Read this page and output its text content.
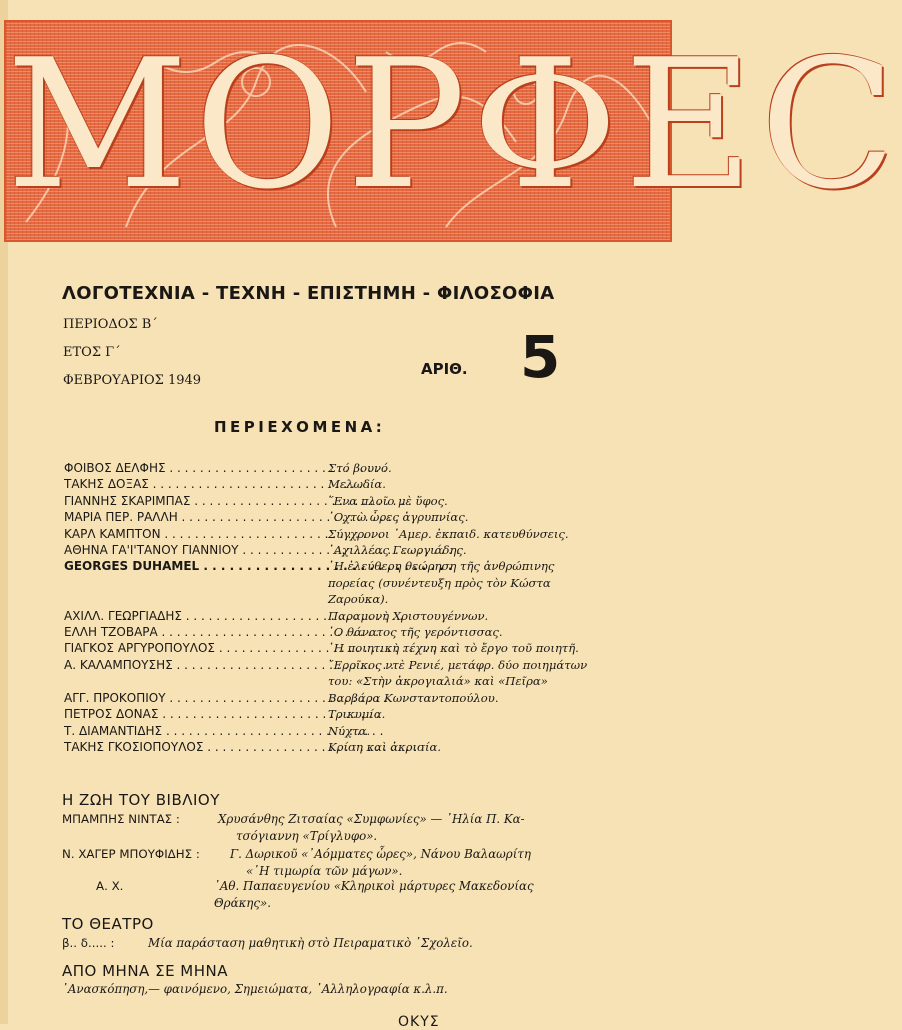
ΜΟΡΦΕC
ΛΟΓΟΤΕΧΝΙΑ - ΤΕΧΝΗ - ΕΠΙΣΤΗΜΗ - ΦΙΛΟΣΟΦΙΑ
ΠΕΡΙΟΔΟΣ Β΄
ΕΤΟΣ Γ΄
ΦΕΒΡΟΥΑΡΙΟΣ 1949
ΑΡΙΘ. 5
ΠΕΡΙΕΧΟΜΕΝΑ:
ΦΟΙΒΟΣ ΔΕΛΦΗΣ . . .	Στό βουνό.
ΤΑΚΗΣ ΔΟΞΑΣ . . .	Μελωδία.
ΓΙΑΝΝΗΣ ΣΚΑΡΙΜΠΑΣ . . .	῞Ενα πλοῖο μὲ ὕφος.
ΜΑΡΙΑ ΠΕΡ. ΡΑΛΛΗ . . .	᾿Οχτὼ ὧρες ἀγρυπνίας.
ΚΑΡΛ ΚΑΜΠΤΟΝ . . .	Σύγχρονοι ᾿Αμερ. ἐκπαιδ. κατευθύνσεις.
ΑΘΗΝΑ ΓΑ'Ι'ΤΑΝΟΥ ΓΙΑΝΝΙΟΥ . . .	᾿Αχιλλέας Γεωργιάδης.
GEORGES DUHAMEL . . .	῾Η ἐλεύθερη θεώρηση τῆς ἀνθρώπινης πορείας (συνέντευξη πρὸς τὸν Κώστα Ζαρούκα).
ΑΧΙΛΛ. ΓΕΩΡΓΙΑΔΗΣ . . .	Παραμονὴ Χριστουγέννων.
ΕΛΛΗ ΤΖΟΒΑΡΑ . . .	῾Ο θάνατος τῆς γερόντισσας.
ΓΙΑΓΚΟΣ ΑΡΓΥΡΟΠΟΥΛΟΣ . . .	῾Η ποιητικὴ τέχνη καὶ τὸ ἔργο τοῦ ποιητῆ.
Α. ΚΑΛΑΜΠΟΥΣΗΣ . . .	῎Ερρῖκος ντὲ Ρενιέ, μετάφρ. δύο ποιημάτων του: «Στὴν ἀκρογιαλιά» καὶ «Πεῖρα»
ΑΓΓ. ΠΡΟΚΟΠΙΟΥ . . .	Βαρβάρα Κωνσταντοπούλου.
ΠΕΤΡΟΣ ΔΟΝΑΣ . . .	Τρικυμία.
Τ. ΔΙΑΜΑΝΤΙΔΗΣ . . .	Νύχτα.
ΤΑΚΗΣ ΓΚΟΣΙΟΠΟΥΛΟΣ . . .	Κρίση καὶ ἀκρισία.
Η ΖΩΗ ΤΟΥ ΒΙΒΛΙΟΥ
ΜΠΑΜΠΗΣ ΝΙΝΤΑΣ :	Χρυσάνθης Ζιτσαίας «Συμφωνίες» — ᾿Ηλία Π. Κα-
τσόγιαννη «Τρίγλυφο».
Ν. ΧΑΓΕΡ ΜΠΟΥΦΙΔΗΣ :	Γ. Δωρικοῦ «᾿Αόμματες ὧρες», Νάνου Βαλαωρίτη
«῾Η τιμωρία τῶν μάγων».
Α. Χ.	᾿Αθ. Παπαευγενίου «Κληρικοὶ μάρτυρες Μακεδονίας
Θράκης».
ΤΟ ΘΕΑΤΡΟ
β.. δ..... :	Μία παράσταση μαθητικὴ στὸ Πειραματικὸ ᾿Σχολεῖο.
ΑΠΟ ΜΗΝΑ ΣΕ ΜΗΝΑ
᾿Ανασκόπηση,— φαινόμενο, Σημειώματα, ᾿Αλληλογραφία κ.λ.π.
ΟΚΥΣ
